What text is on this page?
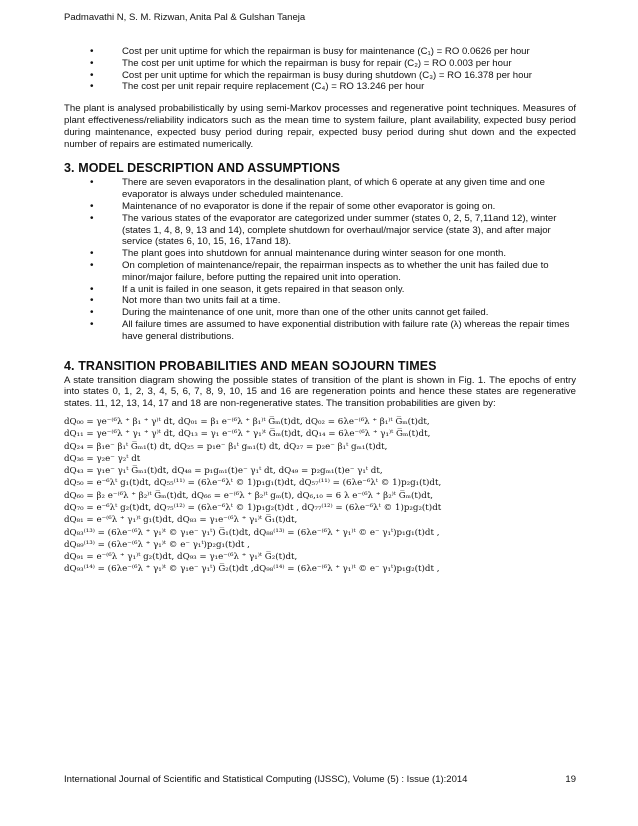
Padmavathi N, S. M. Rizwan, Anita Pal & Gulshan Taneja
• Cost per unit uptime for which the repairman is busy for maintenance (C₁) = RO 0.0626 per hour
• The cost per unit uptime for which the repairman is busy for repair (C₂) = RO 0.003 per hour
• Cost per unit uptime for which the repairman is busy during shutdown (C₃) = RO 16.378 per hour
• The cost per unit repair require replacement (C₄) = RO 13.246 per hour

The plant is analysed probabilistically by using semi-Markov processes and regenerative point techniques. Measures of plant effectiveness/reliability indicators such as the mean time to system failure, plant availability, expected busy period during maintenance, expected busy period during repair, expected busy period during shut down and the expected number of repairs are estimated numerically.

3. MODEL DESCRIPTION AND ASSUMPTIONS
• There are seven evaporators in the desalination plant, of which 6 operate at any given time and one evaporator is always under scheduled maintenance.
• Maintenance of no evaporator is done if the repair of some other evaporator is going on.
• The various states of the evaporator are categorized under summer (states 0, 2, 5, 7,11and 12), winter (states 1, 4, 8, 9, 13 and 14), complete shutdown for overhaul/major service (state 3), and after major service (states 6, 10, 15, 16, 17and 18).
• The plant goes into shutdown for annual maintenance during winter season for one month.
• On completion of maintenance/repair, the repairman inspects as to whether the unit has failed due to minor/major failure, before putting the repaired unit into operation.
• If a unit is failed in one season, it gets repaired in that season only.
• Not more than two units fail at a time.
• During the maintenance of one unit, more than one of the other units cannot get failed.
• All failure times are assumed to have exponential distribution with failure rate (λ) whereas the repair times have general distributions.
4. TRANSITION PROBABILITIES AND MEAN SOJOURN TIMES

A state transition diagram showing the possible states of transition of the plant is shown in Fig. 1. The epochs of entry into states 0, 1, 2, 3, 4, 5, 6, 7, 8, 9, 10, 15 and 16 are regeneration points and hence these states are regenerative states. 11, 12, 13, 14, 17 and 18 are non-regenerative states. The transition probabilities are given by:

dQ₀₀ = γe⁻⁽⁶λ ⁺ β₁ ⁺ γ⁾ᵗ dt, dQ₀₁ = β₁ e⁻⁽⁶λ ⁺ β₁⁾ᵗ G̅ₘ(t)dt, dQ₀₂ = 6λe⁻⁽⁶λ ⁺ β₁⁾ᵗ G̅ₘ(t)dt,
dQ₁₁ = γe⁻⁽⁶λ ⁺ γ₁ ⁺ γ⁾ᵗ dt, dQ₁₃ = γ₁ e⁻⁽⁶λ ⁺ γ₁⁾ᵗ G̅ₘ(t)dt, dQ₁₄ = 6λe⁻⁽⁶λ ⁺ γ₁⁾ᵗ G̅ₘ(t)dt,
dQ₂₄ = β₁e⁻ β₁ᵗ G̅ₘ₁(t) dt, dQ₂₅ = p₁e⁻ β₁ᵗ gₘ₁(t) dt, dQ₂₇ = p₂e⁻ β₁ᵗ gₘ₁(t)dt,
dQ₃₆ = γ₂e⁻ γ₂ᵗ dt
dQ₄₃ = γ₁e⁻ γ₁ᵗ G̅ₘ₁(t)dt, dQ₄₈ = p₁gₘ₁(t)e⁻ γ₁ᵗ dt, dQ₄₉ = p₂gₘ₁(t)e⁻ γ₁ᵗ dt,
dQ₅₀ = e⁻⁶λᵗ g₁(t)dt, dQ₅₅⁽¹¹⁾ = (6λe⁻⁶λᵗ © 1)p₁g₁(t)dt, dQ₅₇⁽¹¹⁾ = (6λe⁻⁶λᵗ © 1)p₂g₁(t)dt,
dQ₆₀ = β₂ e⁻⁽⁶λ ⁺ β₂⁾ᵗ G̅ₘ(t)dt, dQ₆₆ = e⁻⁽⁶λ ⁺ β₂⁾ᵗ gₘ(t), dQ₆,₁₀ = 6 λ e⁻⁽⁶λ ⁺ β₂⁾ᵗ G̅ₘ(t)dt,
dQ₇₀ = e⁻⁶λᵗ g₂(t)dt, dQ₇₅⁽¹²⁾ = (6λe⁻⁶λᵗ © 1)p₁g₂(t)dt , dQ₇₇⁽¹²⁾ = (6λe⁻⁶λᵗ © 1)p₂g₂(t)dt
dQ₈₁ = e⁻⁽⁶λ ⁺ γ₁⁾ᵗ g₁(t)dt, dQ₈₃ = γ₁e⁻⁽⁶λ ⁺ γ₁⁾ᵗ G̅₁(t)dt,
dQ₈₃⁽¹³⁾ = (6λe⁻⁽⁶λ ⁺ γ₁⁾ᵗ © γ₁e⁻ γ₁ᵗ) G̅₁(t)dt, dQ₈₈⁽¹³⁾ = (6λe⁻⁽⁶λ ⁺ γ₁⁾ᵗ © e⁻ γ₁ᵗ)p₁g₁(t)dt ,
dQ₈₉⁽¹³⁾ = (6λe⁻⁽⁶λ ⁺ γ₁⁾ᵗ © e⁻ γ₁ᵗ)p₂g₁(t)dt ,
dQ₉₁ = e⁻⁽⁶λ ⁺ γ₁⁾ᵗ g₂(t)dt, dQ₉₃ = γ₁e⁻⁽⁶λ ⁺ γ₁⁾ᵗ G̅₂(t)dt,
dQ₉₃⁽¹⁴⁾ = (6λe⁻⁽⁶λ ⁺ γ₁⁾ᵗ © γ₁e⁻ γ₁ᵗ) G̅₂(t)dt ,dQ₉₈⁽¹⁴⁾ = (6λe⁻⁽⁶λ ⁺ γ₁⁾ᵗ © e⁻ γ₁ᵗ)p₁g₂(t)dt ,
International Journal of Scientific and Statistical Computing (IJSSC), Volume (5) : Issue (1):2014	19
